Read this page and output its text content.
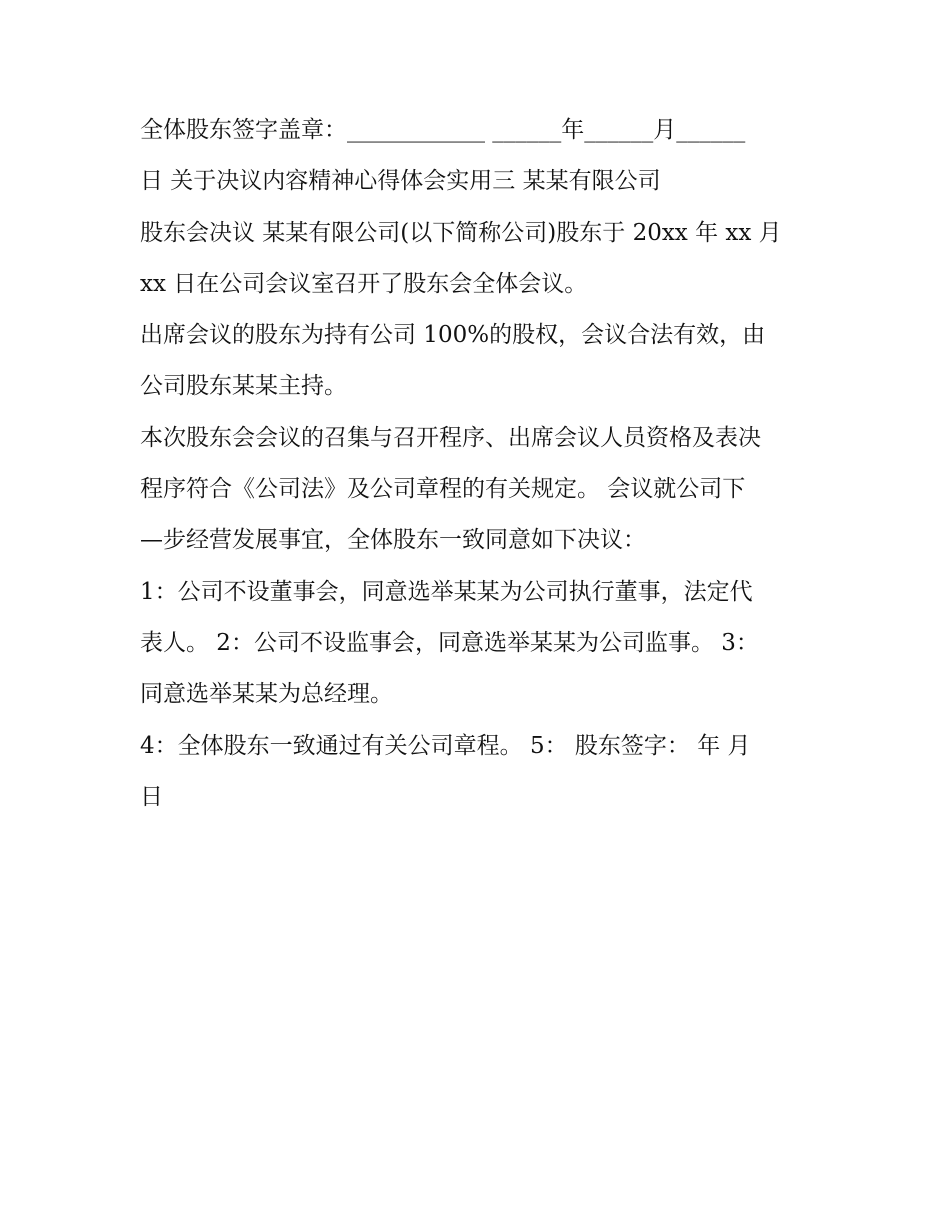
全体股东签字盖章：____________ ______年______月______

日 关于决议内容精神心得体会实用三 某某有限公司

股东会决议 某某有限公司(以下简称公司)股东于 20xx 年 xx 月

xx 日在公司会议室召开了股东会全体会议。

出席会议的股东为持有公司 100%的股权，会议合法有效，由

公司股东某某主持。

本次股东会会议的召集与召开程序、出席会议人员资格及表决

程序符合《公司法》及公司章程的有关规定。 会议就公司下

—步经营发展事宜，全体股东一致同意如下决议：

1：公司不设董事会，同意选举某某为公司执行董事，法定代

表人。 2：公司不设监事会，同意选举某某为公司监事。 3：

同意选举某某为总经理。

4：全体股东一致通过有关公司章程。 5： 股东签字： 年 月

日
